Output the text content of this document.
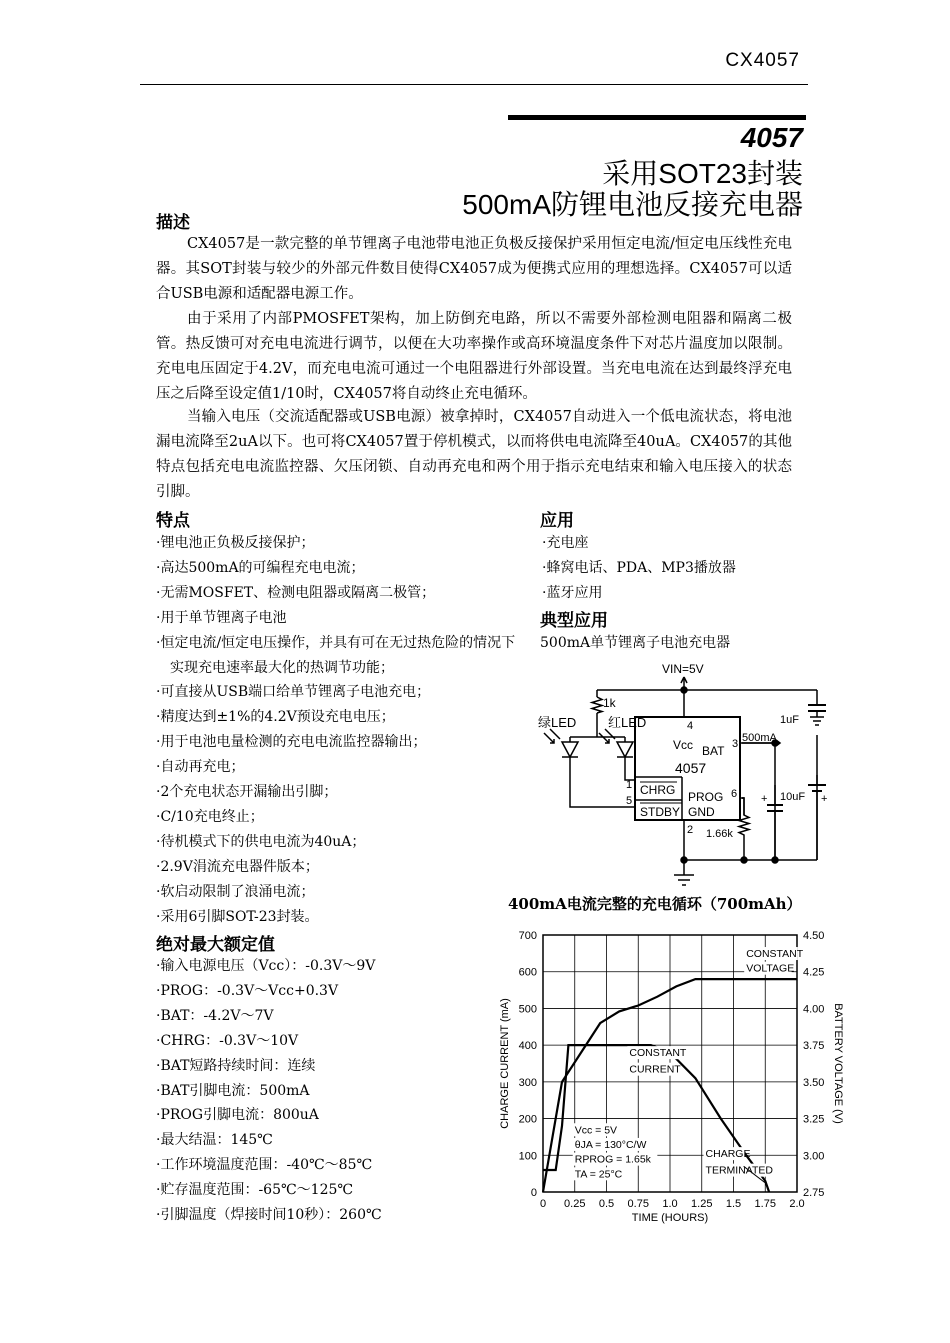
CX4057
4057
采用SOT23封装
500mA防锂电池反接充电器
描述

CX4057是一款完整的单节锂离子电池带电池正负极反接保护采用恒定电流/恒定电压线性充电器。其SOT封装与较少的外部元件数目使得CX4057成为便携式应用的理想选择。CX4057可以适合USB电源和适配器电源工作。

由于采用了内部PMOSFET架构，加上防倒充电路，所以不需要外部检测电阻器和隔离二极管。热反馈可对充电电流进行调节，以便在大功率操作或高环境温度条件下对芯片温度加以限制。充电电压固定于4.2V，而充电电流可通过一个电阻器进行外部设置。当充电电流在达到最终浮充电压之后降至设定值1/10时，CX4057将自动终止充电循环。

当输入电压（交流适配器或USB电源）被拿掉时，CX4057自动进入一个低电流状态，将电池漏电流降至2uA以下。也可将CX4057置于停机模式，以而将供电电流降至40uA。CX4057的其他特点包括充电电流监控器、欠压闭锁、自动再充电和两个用于指示充电结束和输入电压接入的状态引脚。

特点
·锂电池正负极反接保护；
·高达500mA的可编程充电电流；
·无需MOSFET、检测电阻器或隔离二极管；
·用于单节锂离子电池
·恒定电流/恒定电压操作，并具有可在无过热危险的情况下实现充电速率最大化的热调节功能；
·可直接从USB端口给单节锂离子电池充电；
·精度达到±1%的4.2V预设充电电压；
·用于电池电量检测的充电电流监控器输出；
·自动再充电；
·2个充电状态开漏输出引脚；
·C/10充电终止；
·待机模式下的供电电流为40uA；
·2.9V涓流充电器件版本；
·软启动限制了浪涌电流；
·采用6引脚SOT-23封装。
绝对最大额定值
·输入电源电压（Vcc）：-0.3V～9V
·PROG：-0.3V～Vcc+0.3V
·BAT：-4.2V～7V
·CHRG：-0.3V～10V
·BAT短路持续时间：连续
·BAT引脚电流：500mA
·PROG引脚电流：800uA
·最大结温：145℃
·工作环境温度范围：-40℃～85℃
·贮存温度范围：-65℃～125℃
·引脚温度（焊接时间10秒）：260℃
应用
·充电座
·蜂窝电话、PDA、MP3播放器
·蓝牙应用
典型应用
500mA单节锂离子电池充电器
VIN=5V
1k
绿LED 红LED	4
Vcc BAT 3 500mA
1uF
4057
1 CHRG
5
STDBY
PROG
GND
6
2 1.66k
10uF
+	+
400mA电流完整的充电循环（700mAh）
0 0.25 0.5 0.75 1.0 1.25 1.5 1.75 2.0
0
100
200
300
400
500
600
700
2.75
3.00
3.25
3.50
3.75
4.00
4.25
4.50
TIME (HOURS)
CHARGE CURRENT (mA)	BATTERY VOLTAGE (V)
CONSTANT
VOLTAGE
CONSTANT
CURRENT
Vcc = 5V
θJA = 130°C/W
RPROG = 1.65k
TA = 25°C
CHARGE
TERMINATED
